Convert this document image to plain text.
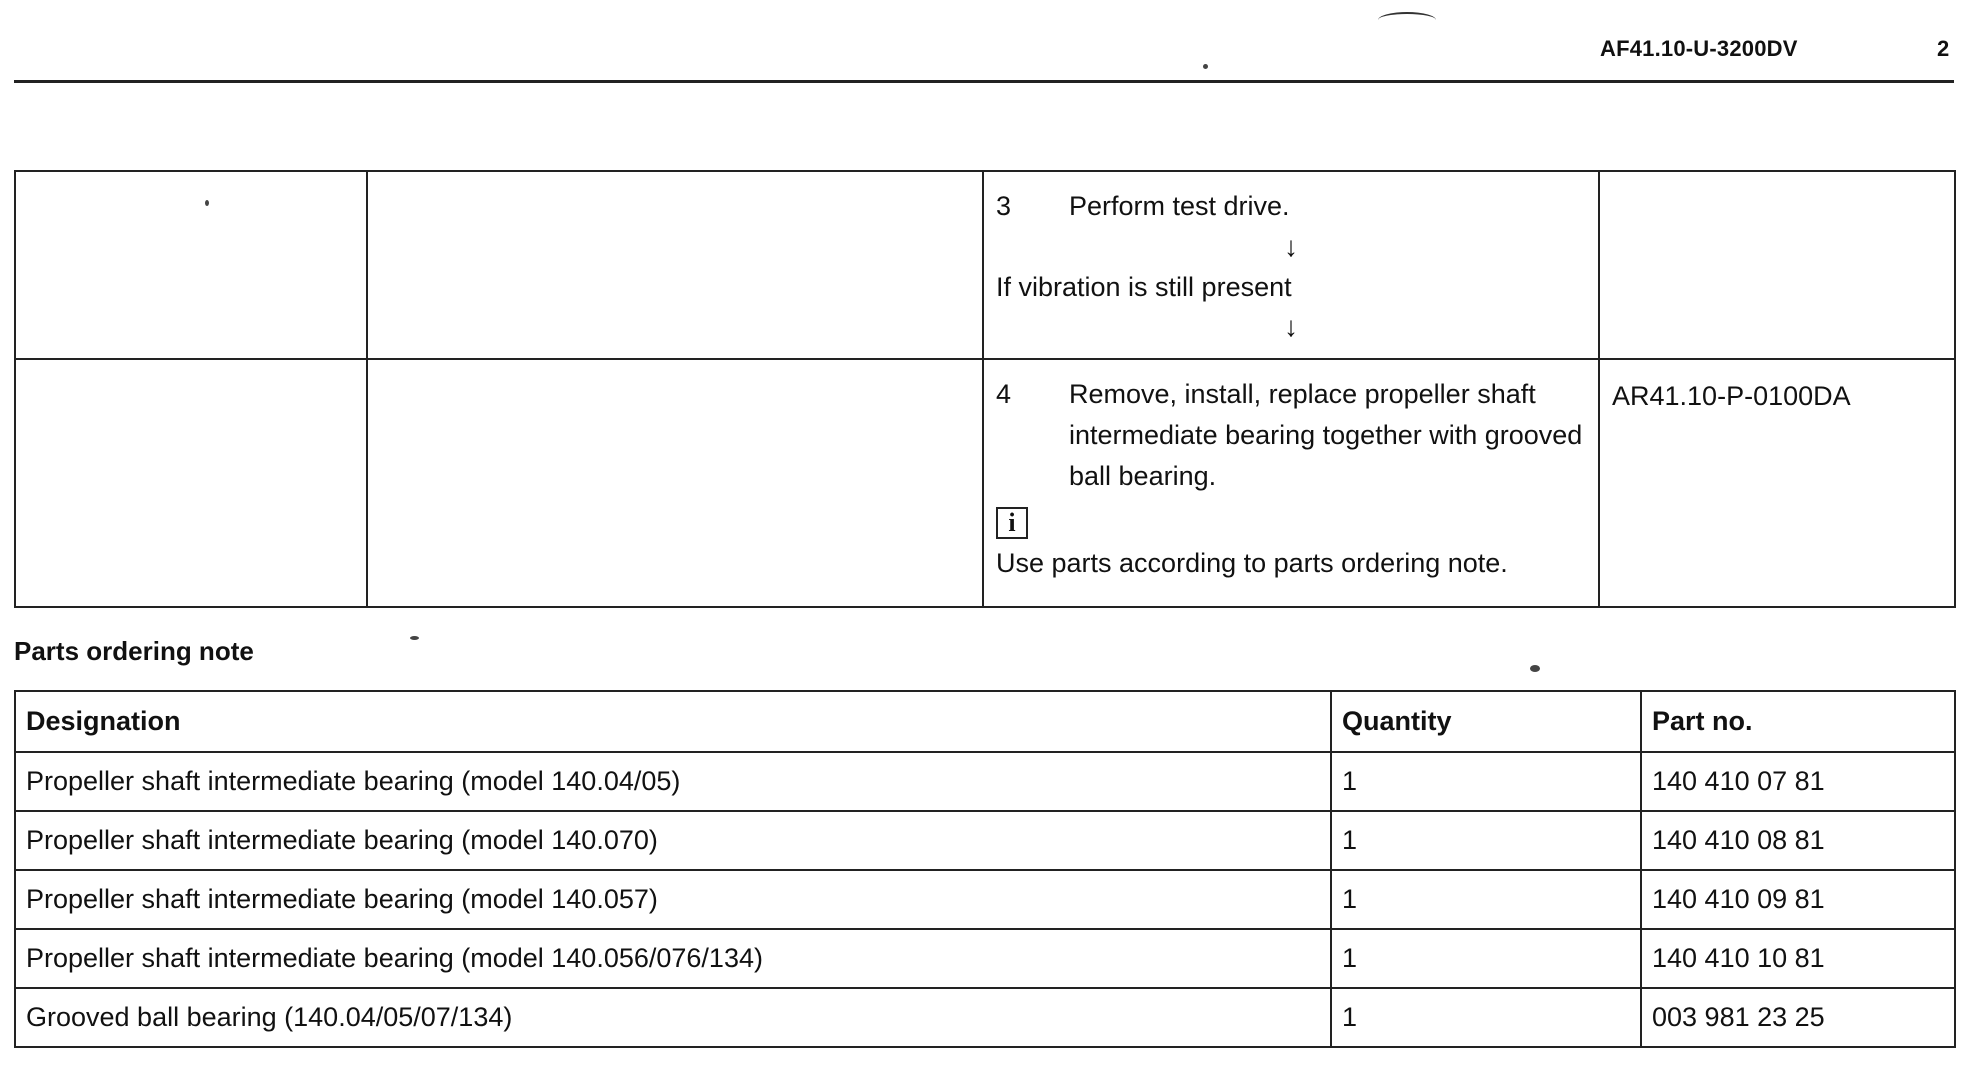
AF41.10-U-3200DV	2

		3 Perform test drive.
↓
If vibration is still present
↓	

		4 Remove, install, replace propeller shaft intermediate bearing together with grooved ball bearing.
i
Use parts according to parts ordering note.	AR41.10-P-0100DA
Parts ordering note
Designation	Quantity	Part no.
Propeller shaft intermediate bearing (model 140.04/05)	1	140 410 07 81
Propeller shaft intermediate bearing (model 140.070)	1	140 410 08 81
Propeller shaft intermediate bearing (model 140.057)	1	140 410 09 81
Propeller shaft intermediate bearing (model 140.056/076/134)	1	140 410 10 81
Grooved ball bearing (140.04/05/07/134)	1	003 981 23 25
